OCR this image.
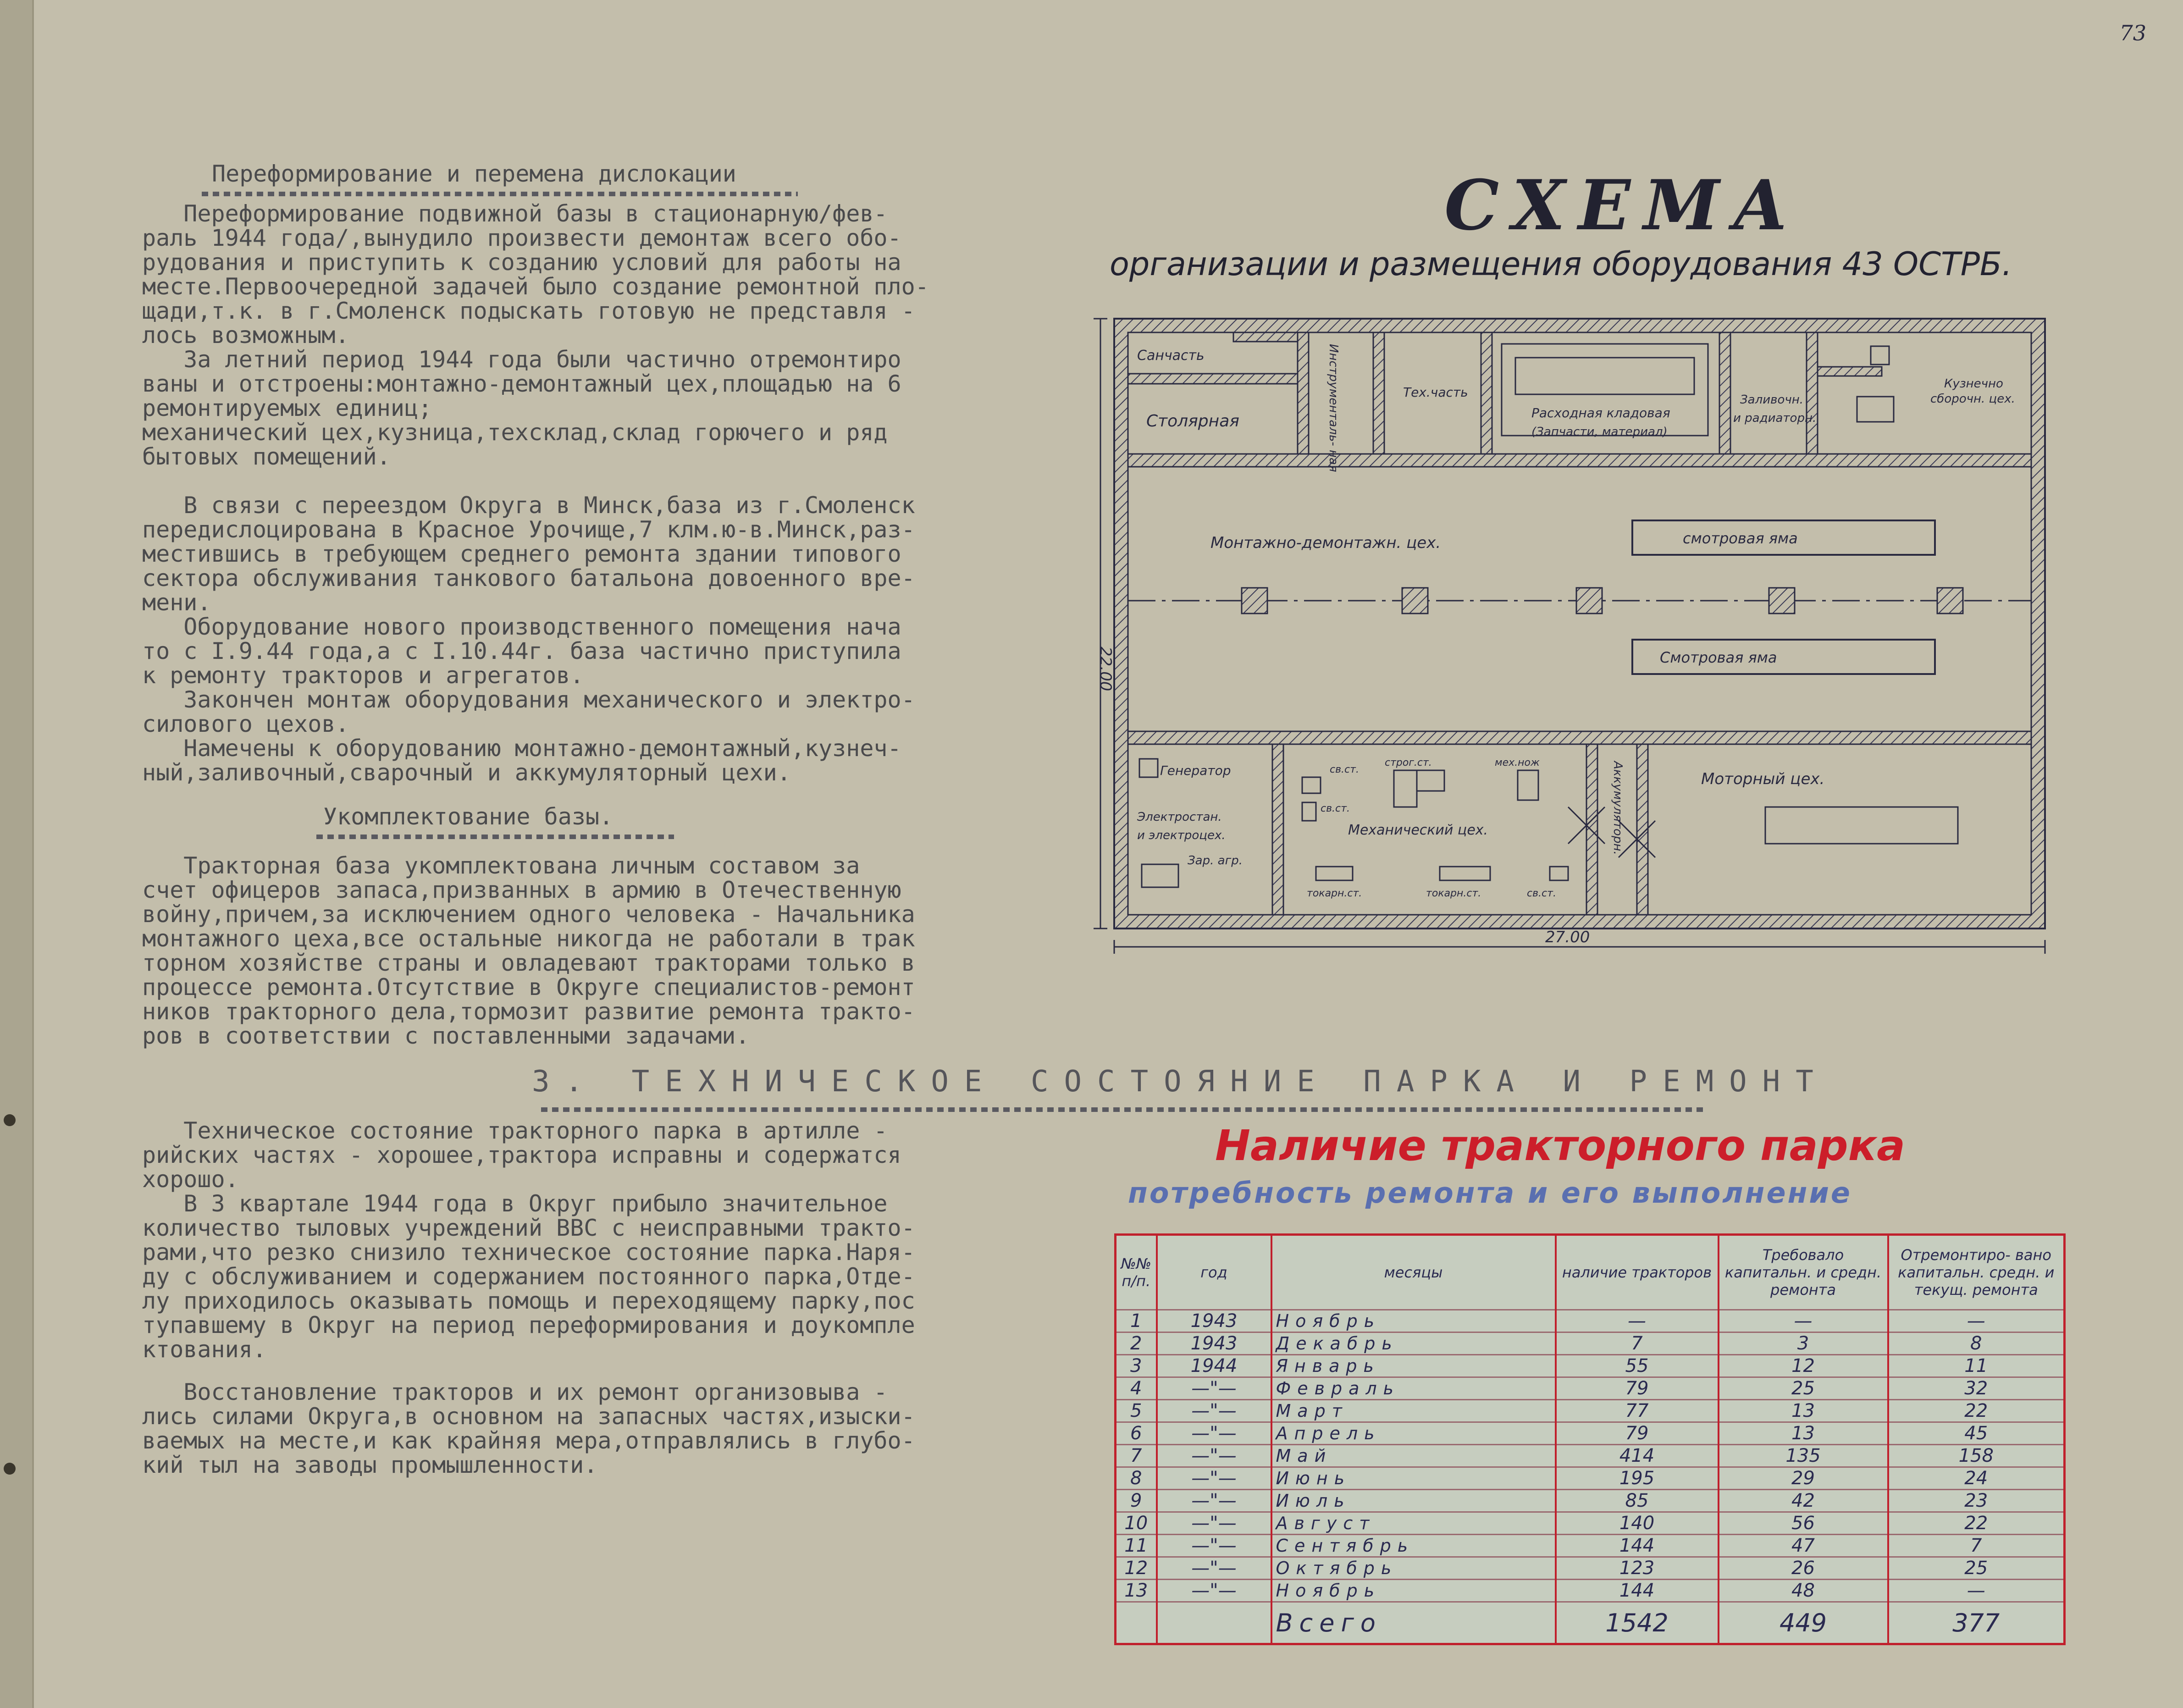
73
Переформирование и перемена дислокации

Переформирование подвижной базы в стационарную/фев-

раль 1944 года/,вынудило произвести демонтаж всего обо-

рудования и приступить к созданию условий для работы на

месте.Первоочередной задачей было создание ремонтной пло-

щади,т.к. в г.Смоленск подыскать готовую не представля -

лось возможным.

За летний период 1944 года были частично отремонтиро

ваны и отстроены:монтажно-демонтажный цех,площадью на 6

ремонтируемых единиц;

механический цех,кузница,техсклад,склад горючего и ряд

бытовых помещений.

В связи с переездом Округа в Минск,база из г.Смоленск

передислоцирована в Красное Урочище,7 клм.ю-в.Минск,раз-

местившись в требующем среднего ремонта здании типового

сектора обслуживания танкового батальона довоенного вре-

мени.

Оборудование нового производственного помещения нача

то с I.9.44 года,а с I.10.44г. база частично приступила

к ремонту тракторов и агрегатов.

Закончен монтаж оборудования механического и электро-

силового цехов.

Намечены к оборудованию монтажно-демонтажный,кузнеч-

ный,заливочный,сварочный и аккумуляторный цехи.

Укомплектование базы.

Тракторная база укомплектована личным составом за

счет офицеров запаса,призванных в армию в Отечественную

войну,причем,за исключением одного человека - Начальника

монтажного цеха,все остальные никогда не работали в трак

торном хозяйстве страны и овладевают тракторами только в

процессе ремонта.Отсутствие в Округе специалистов-ремонт

ников тракторного дела,тормозит развитие ремонта тракто-

ров в соответствии с поставленными задачами.

3. ТЕХНИЧЕСКОЕ СОСТОЯНИЕ ПАРКА И РЕМОНТ

Техническое состояние тракторного парка в артилле -

рийских частях - хорошее,трактора исправны и содержатся

хорошо.

В 3 квартале 1944 года в Округ прибыло значительное

количество тыловых учреждений ВВС с неисправными тракто-

рами,что резко снизило техническое состояние парка.Наря-

ду с обслуживанием и содержанием постоянного парка,Отде-

лу приходилось оказывать помощь и переходящему парку,пос

тупавшему в Округ на период переформирования и доукомпле

ктования.

Восстановление тракторов и их ремонт организовыва -

лись силами Округа,в основном на запасных частях,изыски-

ваемых на месте,и как крайняя мера,отправлялись в глубо-

кий тыл на заводы промышленности.

СХЕМА
организации и размещения оборудования 43 ОСТРБ.
27.00
22.00
Санчасть
Столярная	Инструменталь- ная	Тех.часть
Расходная кладовая
(Запчасти, материал)
Заливочн.
и радиаторн.
Кузнечно
сборочн. цех.
Монтажно-демонтажн. цех.	смотровая яма
Смотровая яма
Генератор
Электростан.
и электроцех.
Зар. агр.
св.ст.
св.ст.
строг.ст.	мех.нож
Механический цех.
токарн.ст.	токарн.ст.	св.ст.
Аккумуляторн.	Моторный цех.
Наличие тракторного парка
потребность ремонта и его выполнение
№№ п/п.	год	месяцы	наличие тракторов	Требовало капитальн. и средн. ремонта	Отремонтиро- вано капитальн. средн. и текущ. ремонта
1	1943	Ноябрь	—	—	—
2	1943	Декабрь	7	3	8
3	1944	Январь	55	12	11
4	—"—	Февраль	79	25	32
5	—"—	Март	77	13	22
6	—"—	Апрель	79	13	45
7	—"—	Май	414	135	158
8	—"—	Июнь	195	29	24
9	—"—	Июль	85	42	23
10	—"—	Август	140	56	22
11	—"—	Сентябрь	144	47	7
12	—"—	Октябрь	123	26	25
13	—"—	Ноябрь	144	48	—
		Всего	1542	449	377
